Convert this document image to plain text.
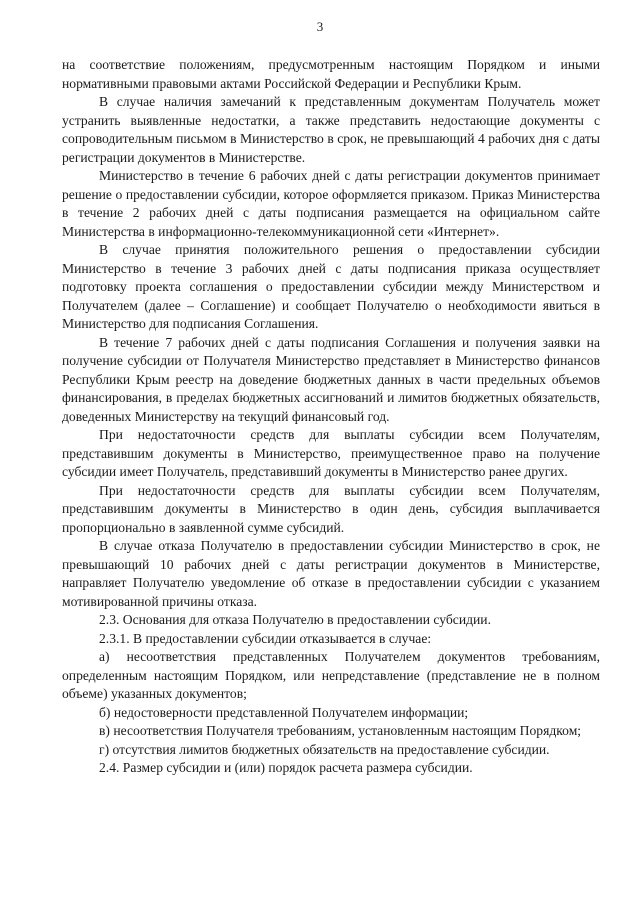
3

на соответствие положениям, предусмотренным настоящим Порядком и иными нормативными правовыми актами Российской Федерации и Республики Крым.

В случае наличия замечаний к представленным документам Получатель может устранить выявленные недостатки, а также представить недостающие документы с сопроводительным письмом в Министерство в срок, не превышающий 4 рабочих дня с даты регистрации документов в Министерстве.

Министерство в течение 6 рабочих дней с даты регистрации документов принимает решение о предоставлении субсидии, которое оформляется приказом. Приказ Министерства в течение 2 рабочих дней с даты подписания размещается на официальном сайте Министерства в информационно-телекоммуникационной сети «Интернет».

В случае принятия положительного решения о предоставлении субсидии Министерство в течение 3 рабочих дней с даты подписания приказа осуществляет подготовку проекта соглашения о предоставлении субсидии между Министерством и Получателем (далее – Соглашение) и сообщает Получателю о необходимости явиться в Министерство для подписания Соглашения.

В течение 7 рабочих дней с даты подписания Соглашения и получения заявки на получение субсидии от Получателя Министерство представляет в Министерство финансов Республики Крым реестр на доведение бюджетных данных в части предельных объемов финансирования, в пределах бюджетных ассигнований и лимитов бюджетных обязательств, доведенных Министерству на текущий финансовый год.

При недостаточности средств для выплаты субсидии всем Получателям, представившим документы в Министерство, преимущественное право на получение субсидии имеет Получатель, представивший документы в Министерство ранее других.

При недостаточности средств для выплаты субсидии всем Получателям, представившим документы в Министерство в один день, субсидия выплачивается пропорционально в заявленной сумме субсидий.

В случае отказа Получателю в предоставлении субсидии Министерство в срок, не превышающий 10 рабочих дней с даты регистрации документов в Министерстве, направляет Получателю уведомление об отказе в предоставлении субсидии с указанием мотивированной причины отказа.

2.3. Основания для отказа Получателю в предоставлении субсидии.

2.3.1. В предоставлении субсидии отказывается в случае:

а) несоответствия представленных Получателем документов требованиям, определенным настоящим Порядком, или непредставление (представление не в полном объеме) указанных документов;

б) недостоверности представленной Получателем информации;

в) несоответствия Получателя требованиям, установленным настоящим Порядком;

г) отсутствия лимитов бюджетных обязательств на предоставление субсидии.

2.4. Размер субсидии и (или) порядок расчета размера субсидии.
